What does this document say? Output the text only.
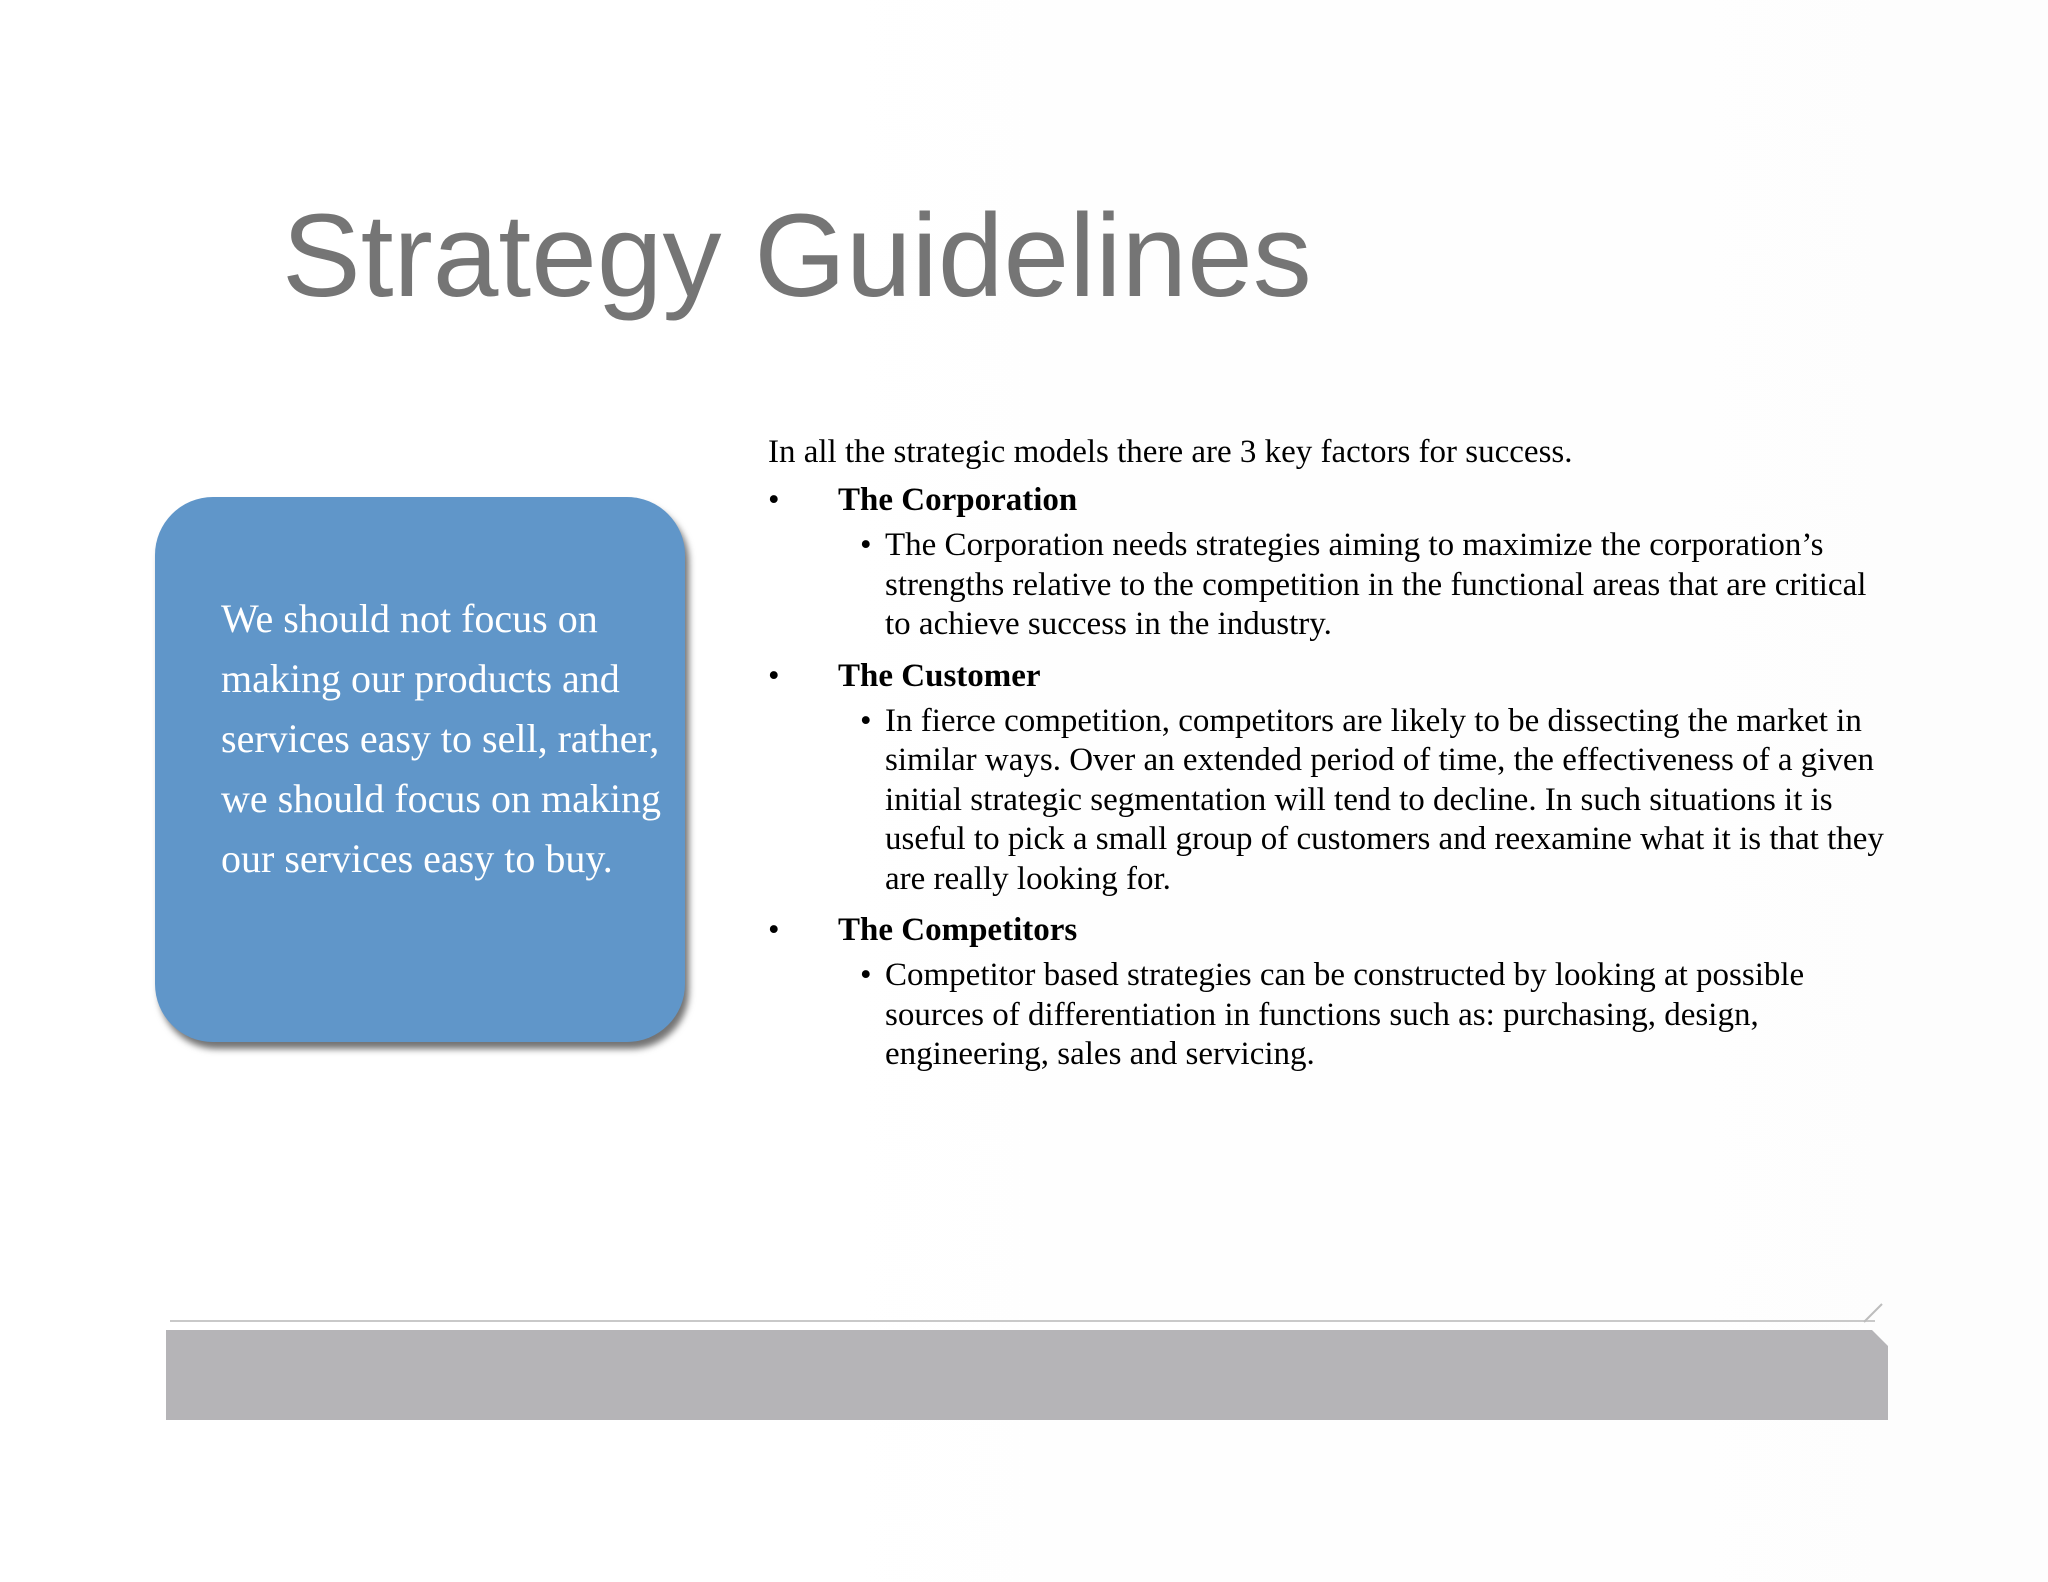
Strategy Guidelines

We should not focus on making our products and services easy to sell, rather, we should focus on making our services easy to buy.

In all the strategic models there are 3 key factors for success.
• The Corporation
• The Corporation needs strategies aiming to maximize the corporation’s strengths relative to the competition in the functional areas that are critical to achieve success in the industry.
• The Customer
• In fierce competition, competitors are likely to be dissecting the market in similar ways. Over an extended period of time, the effectiveness of a given initial strategic segmentation will tend to decline. In such situations it is useful to pick a small group of customers and reexamine what it is that they are really looking for.
• The Competitors
• Competitor based strategies can be constructed by looking at possible sources of differentiation in functions such as: purchasing, design, engineering, sales and servicing.
